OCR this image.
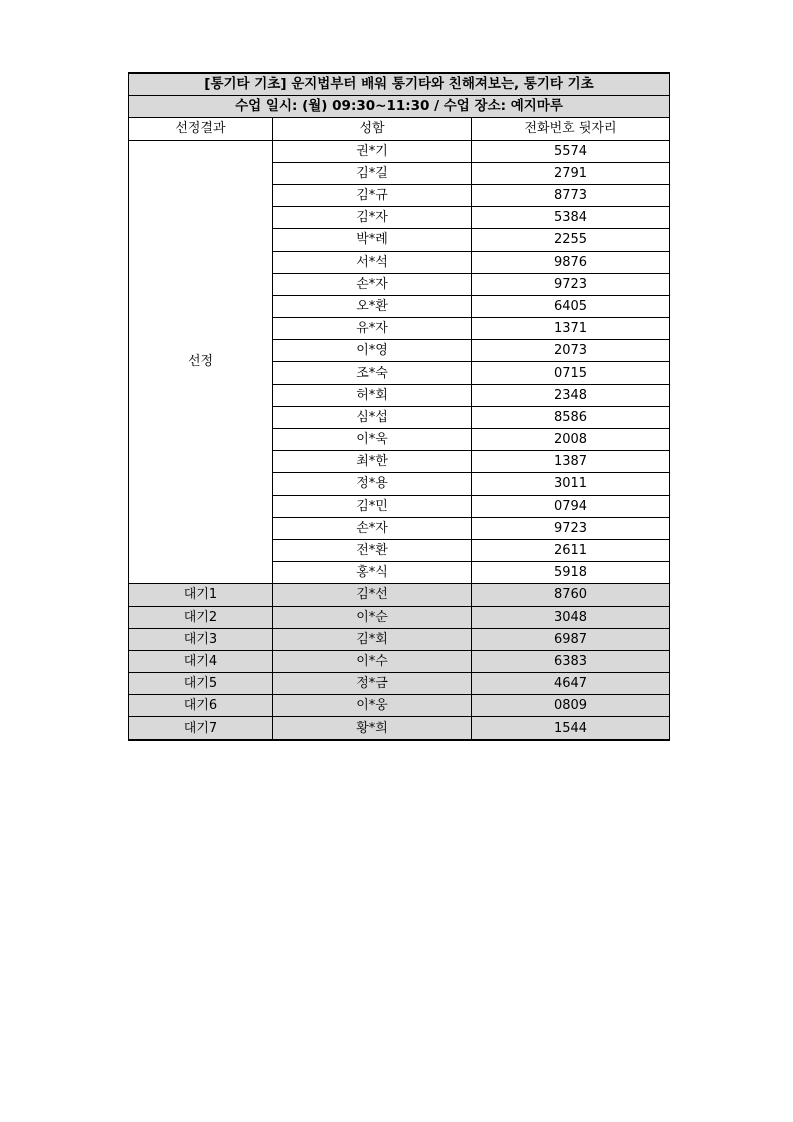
[통기타 기초] 운지법부터 배워 통기타와 친해져보는, 통기타 기초		
수업 일시: (월) 09:30~11:30 / 수업 장소: 예지마루		
선정결과	성함	전화번호 뒷자리
선정	권*기	5574
	김*길	2791
	김*규	8773
	김*자	5384
	박*례	2255
	서*석	9876
	손*자	9723
	오*환	6405
	유*자	1371
	이*영	2073
	조*숙	0715
	허*회	2348
	심*섭	8586
	이*욱	2008
	최*한	1387
	정*용	3011
	김*민	0794
	손*자	9723
	전*환	2611
	홍*식	5918
대기1	김*선	8760
대기2	이*순	3048
대기3	김*회	6987
대기4	이*수	6383
대기5	정*금	4647
대기6	이*웅	0809
대기7	황*희	1544
